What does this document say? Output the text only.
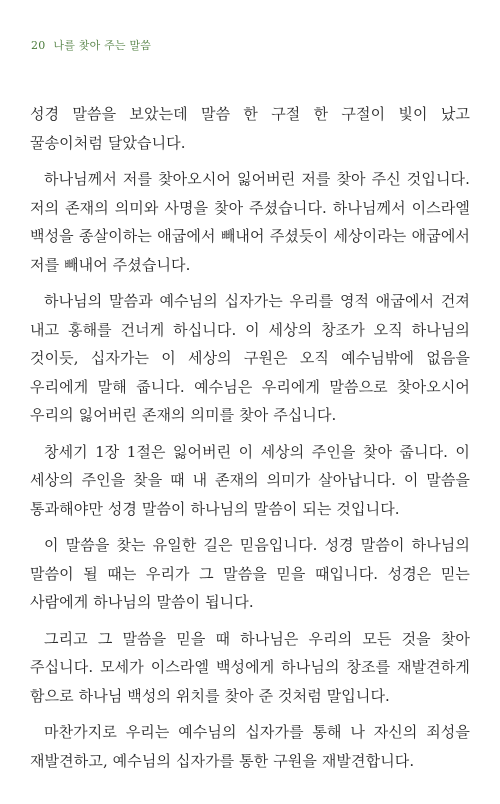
20 나를 찾아 주는 말씀

성경 말씀을 보았는데 말씀 한 구절 한 구절이 빛이 났고 꿀송이처럼 달았습니다.

하나님께서 저를 찾아오시어 잃어버린 저를 찾아 주신 것입니다. 저의 존재의 의미와 사명을 찾아 주셨습니다. 하나님께서 이스라엘 백성을 종살이하는 애굽에서 빼내어 주셨듯이 세상이라는 애굽에서 저를 빼내어 주셨습니다.

하나님의 말씀과 예수님의 십자가는 우리를 영적 애굽에서 건져 내고 홍해를 건너게 하십니다. 이 세상의 창조가 오직 하나님의 것이듯, 십자가는 이 세상의 구원은 오직 예수님밖에 없음을 우리에게 말해 줍니다. 예수님은 우리에게 말씀으로 찾아오시어 우리의 잃어버린 존재의 의미를 찾아 주십니다.

창세기 1장 1절은 잃어버린 이 세상의 주인을 찾아 줍니다. 이 세상의 주인을 찾을 때 내 존재의 의미가 살아납니다. 이 말씀을 통과해야만 성경 말씀이 하나님의 말씀이 되는 것입니다.

이 말씀을 찾는 유일한 길은 믿음입니다. 성경 말씀이 하나님의 말씀이 될 때는 우리가 그 말씀을 믿을 때입니다. 성경은 믿는 사람에게 하나님의 말씀이 됩니다.

그리고 그 말씀을 믿을 때 하나님은 우리의 모든 것을 찾아 주십니다. 모세가 이스라엘 백성에게 하나님의 창조를 재발견하게 함으로 하나님 백성의 위치를 찾아 준 것처럼 말입니다.

마찬가지로 우리는 예수님의 십자가를 통해 나 자신의 죄성을 재발견하고, 예수님의 십자가를 통한 구원을 재발견합니다.
